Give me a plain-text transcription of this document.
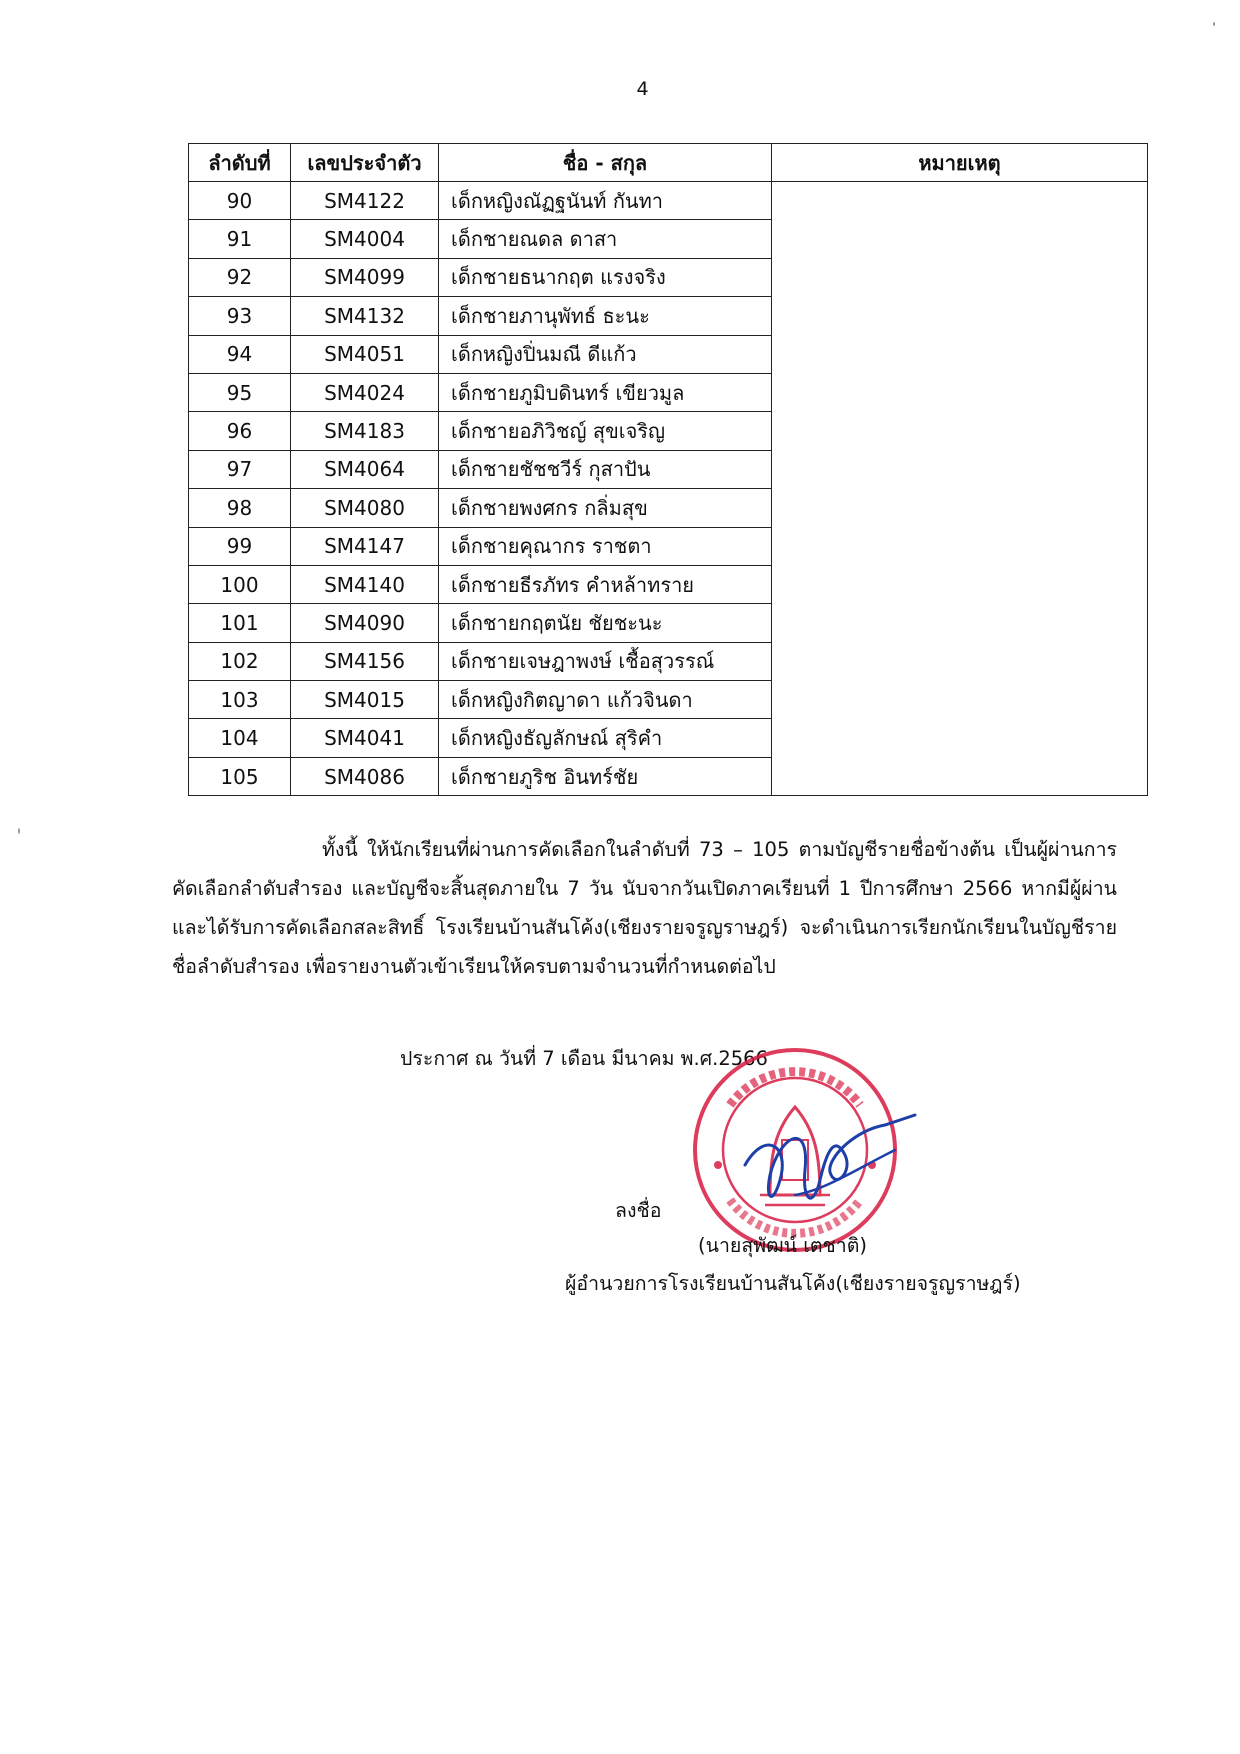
4
ลำดับที่	เลขประจำตัว	ชื่อ - สกุล	หมายเหตุ
90	SM4122	เด็กหญิงณัฏฐนันท์ กันทา	
91	SM4004	เด็กชายณดล ดาสา	
92	SM4099	เด็กชายธนากฤต แรงจริง	
93	SM4132	เด็กชายภานุพัทธ์ ธะนะ	
94	SM4051	เด็กหญิงปิ่นมณี ดีแก้ว	
95	SM4024	เด็กชายภูมิบดินทร์ เขียวมูล	
96	SM4183	เด็กชายอภิวิชญ์ สุขเจริญ	
97	SM4064	เด็กชายชัชชวีร์ กุสาปัน	
98	SM4080	เด็กชายพงศกร กลิ่มสุข	
99	SM4147	เด็กชายคุณากร ราชตา	
100	SM4140	เด็กชายธีรภัทร คำหล้าทราย	
101	SM4090	เด็กชายกฤตนัย ชัยชะนะ	
102	SM4156	เด็กชายเจษฎาพงษ์ เชื้อสุวรรณ์	
103	SM4015	เด็กหญิงกิตญาดา แก้วจินดา	
104	SM4041	เด็กหญิงธัญลักษณ์ สุริคำ	
105	SM4086	เด็กชายภูริช อินทร์ชัย	

ทั้งนี้ ให้นักเรียนที่ผ่านการคัดเลือกในลำดับที่ 73 – 105 ตามบัญชีรายชื่อข้างต้น เป็นผู้ผ่านการคัดเลือกลำดับสำรอง และบัญชีจะสิ้นสุดภายใน 7 วัน นับจากวันเปิดภาคเรียนที่ 1 ปีการศึกษา 2566 หากมีผู้ผ่านและได้รับการคัดเลือกสละสิทธิ์ โรงเรียนบ้านสันโค้ง(เชียงรายจรูญราษฎร์) จะดำเนินการเรียกนักเรียนในบัญชีรายชื่อลำดับสำรอง เพื่อรายงานตัวเข้าเรียนให้ครบตามจำนวนที่กำหนดต่อไป

ประกาศ ณ วันที่ 7 เดือน มีนาคม พ.ศ.2566
ลงชื่อ
(นายสุพัฒน์ เตชาติ)
ผู้อำนวยการโรงเรียนบ้านสันโค้ง(เชียงรายจรูญราษฎร์)
